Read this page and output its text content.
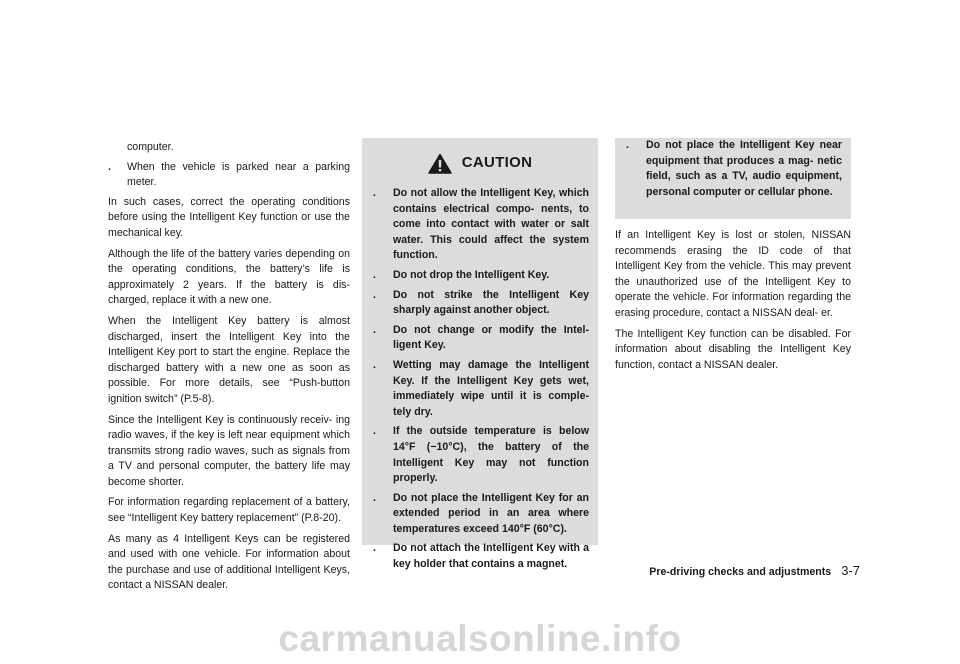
computer.
. When the vehicle is parked near a parking meter.

In such cases, correct the operating conditions before using the Intelligent Key function or use the mechanical key.

Although the life of the battery varies depending on the operating conditions, the battery’s life is approximately 2 years. If the battery is dis- charged, replace it with a new one.

When the Intelligent Key battery is almost discharged, insert the Intelligent Key into the Intelligent Key port to start the engine. Replace the discharged battery with a new one as soon as possible. For more details, see “Push-button ignition switch” (P.5-8).

Since the Intelligent Key is continuously receiv- ing radio waves, if the key is left near equipment which transmits strong radio waves, such as signals from a TV and personal computer, the battery life may become shorter.

For information regarding replacement of a battery, see “Intelligent Key battery replacement” (P.8-20).

As many as 4 Intelligent Keys can be registered and used with one vehicle. For information about the purchase and use of additional Intelligent Keys, contact a NISSAN dealer.

CAUTION
. Do not allow the Intelligent Key, which contains electrical compo- nents, to come into contact with water or salt water. This could affect the system function.
. Do not drop the Intelligent Key.
. Do not strike the Intelligent Key sharply against another object.
. Do not change or modify the Intel- ligent Key.
. Wetting may damage the Intelligent Key. If the Intelligent Key gets wet, immediately wipe until it is comple- tely dry.
. If the outside temperature is below 14°F (−10°C), the battery of the Intelligent Key may not function properly.
. Do not place the Intelligent Key for an extended period in an area where temperatures exceed 140°F (60°C).
. Do not attach the Intelligent Key with a key holder that contains a magnet.
. Do not place the Intelligent Key near equipment that produces a mag- netic field, such as a TV, audio equipment, personal computer or cellular phone.

If an Intelligent Key is lost or stolen, NISSAN recommends erasing the ID code of that Intelligent Key from the vehicle. This may prevent the unauthorized use of the Intelligent Key to operate the vehicle. For information regarding the erasing procedure, contact a NISSAN deal- er.

The Intelligent Key function can be disabled. For information about disabling the Intelligent Key function, contact a NISSAN dealer.

Pre-driving checks and adjustments 3-7
carmanualsonline.info
